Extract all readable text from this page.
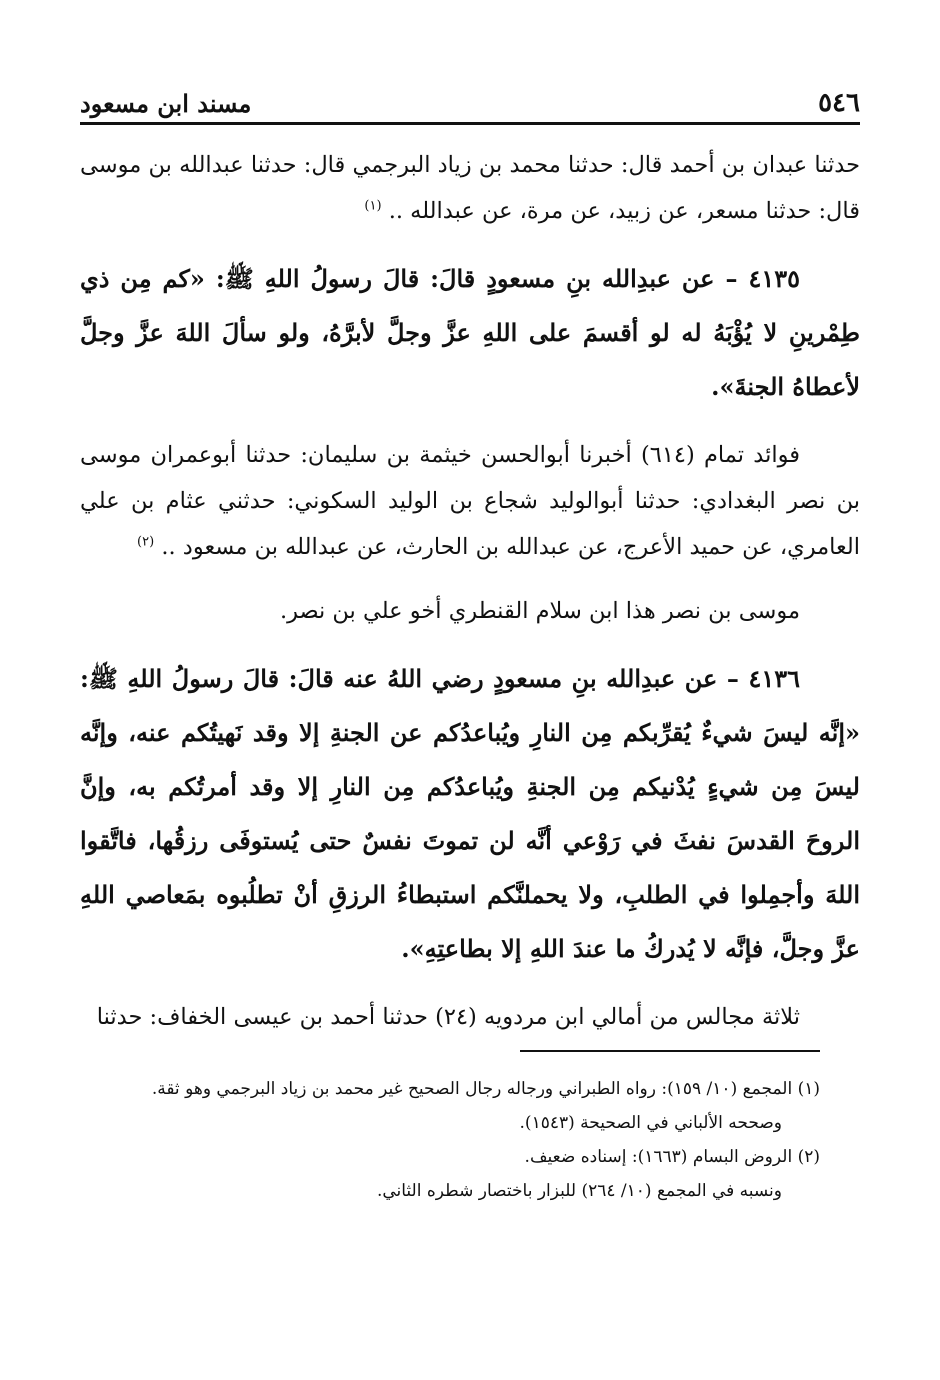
٥٤٦
مسند ابن مسعود

حدثنا عبدان بن أحمد قال: حدثنا محمد بن زياد البرجمي قال: حدثنا عبدالله بن موسى قال: حدثنا مسعر، عن زبيد، عن مرة، عن عبدالله .. $^{(١)}$

٤١٣٥ – عن عبدِالله بنِ مسعودٍ قالَ: قالَ رسولُ اللهِ ﷺ: «كم مِن ذي طِمْرينِ لا يُؤْبَهُ له لو أقسمَ على اللهِ عزَّ وجلَّ لأبرَّهُ، ولو سألَ اللهَ عزَّ وجلَّ لأعطاهُ الجنةَ».

فوائد تمام (٦١٤) أخبرنا أبوالحسن خيثمة بن سليمان: حدثنا أبوعمران موسى بن نصر البغدادي: حدثنا أبوالوليد شجاع بن الوليد السكوني: حدثني عثام بن علي العامري، عن حميد الأعرج، عن عبدالله بن الحارث، عن عبدالله بن مسعود .. $^{(٢)}$

موسى بن نصر هذا ابن سلام القنطري أخو علي بن نصر.

٤١٣٦ – عن عبدِالله بنِ مسعودٍ رضي اللهُ عنه قالَ: قالَ رسولُ اللهِ ﷺ: «إنَّه ليسَ شيءٌ يُقرِّبكم مِن النارِ ويُباعدُكم عن الجنةِ إلا وقد نَهيتُكم عنه، وإنَّه ليسَ مِن شيءٍ يُدْنيكم مِن الجنةِ ويُباعدُكم مِن النارِ إلا وقد أمرتُكم به، وإنَّ الروحَ القدسَ نفثَ في رَوْعي أنَّه لن تموتَ نفسٌ حتى يُستوفَى رزقُها، فاتَّقوا اللهَ وأجمِلوا في الطلبِ، ولا يحملنَّكم استبطاءُ الرزقِ أنْ تطلُبوه بمَعاصي اللهِ عزَّ وجلَّ، فإنَّه لا يُدركُ ما عندَ اللهِ إلا بطاعتِهِ».

ثلاثة مجالس من أمالي ابن مردويه (٢٤) حدثنا أحمد بن عيسى الخفاف: حدثنا

(١) المجمع (١٠/ ١٥٩): رواه الطبراني ورجاله رجال الصحيح غير محمد بن زياد البرجمي وهو ثقة.

وصححه الألباني في الصحيحة (١٥٤٣).

(٢) الروض البسام (١٦٦٣): إسناده ضعيف.

ونسبه في المجمع (١٠/ ٢٦٤) للبزار باختصار شطره الثاني.
